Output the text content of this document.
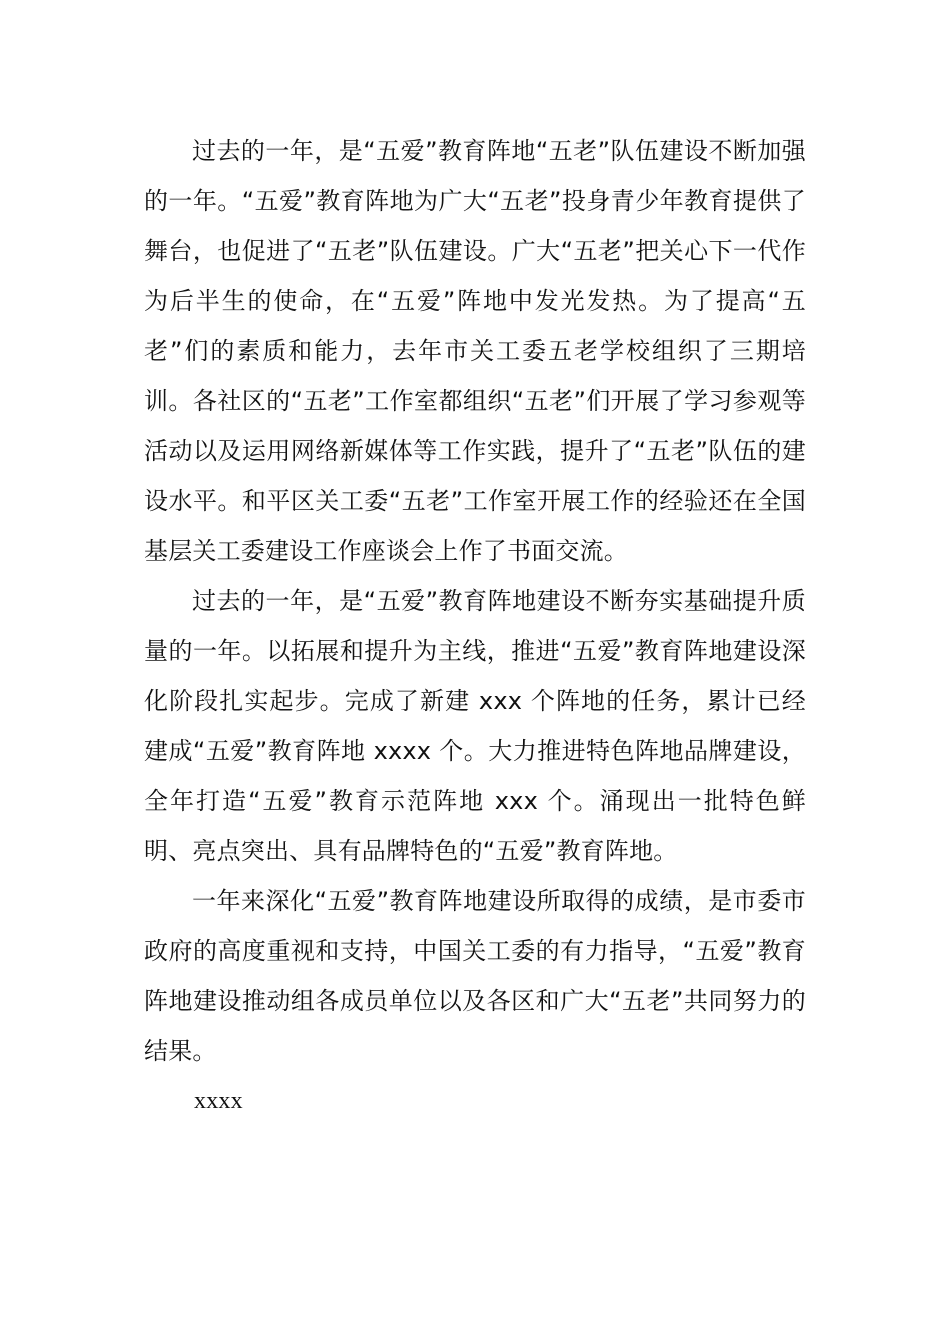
过去的一年，是“五爱”教育阵地“五老”队伍建设不断加强的一年。“五爱”教育阵地为广大“五老”投身青少年教育提供了舞台，也促进了“五老”队伍建设。广大“五老”把关心下一代作为后半生的使命，在“五爱”阵地中发光发热。为了提高“五老”们的素质和能力，去年市关工委五老学校组织了三期培训。各社区的“五老”工作室都组织“五老”们开展了学习参观等活动以及运用网络新媒体等工作实践，提升了“五老”队伍的建设水平。和平区关工委“五老”工作室开展工作的经验还在全国基层关工委建设工作座谈会上作了书面交流。

过去的一年，是“五爱”教育阵地建设不断夯实基础提升质量的一年。以拓展和提升为主线，推进“五爱”教育阵地建设深化阶段扎实起步。完成了新建 xxx 个阵地的任务，累计已经建成“五爱”教育阵地 xxxx 个。大力推进特色阵地品牌建设，全年打造“五爱”教育示范阵地 xxx 个。涌现出一批特色鲜明、亮点突出、具有品牌特色的“五爱”教育阵地。

一年来深化“五爱”教育阵地建设所取得的成绩，是市委市政府的高度重视和支持，中国关工委的有力指导，“五爱”教育阵地建设推动组各成员单位以及各区和广大“五老”共同努力的结果。

xxxx
